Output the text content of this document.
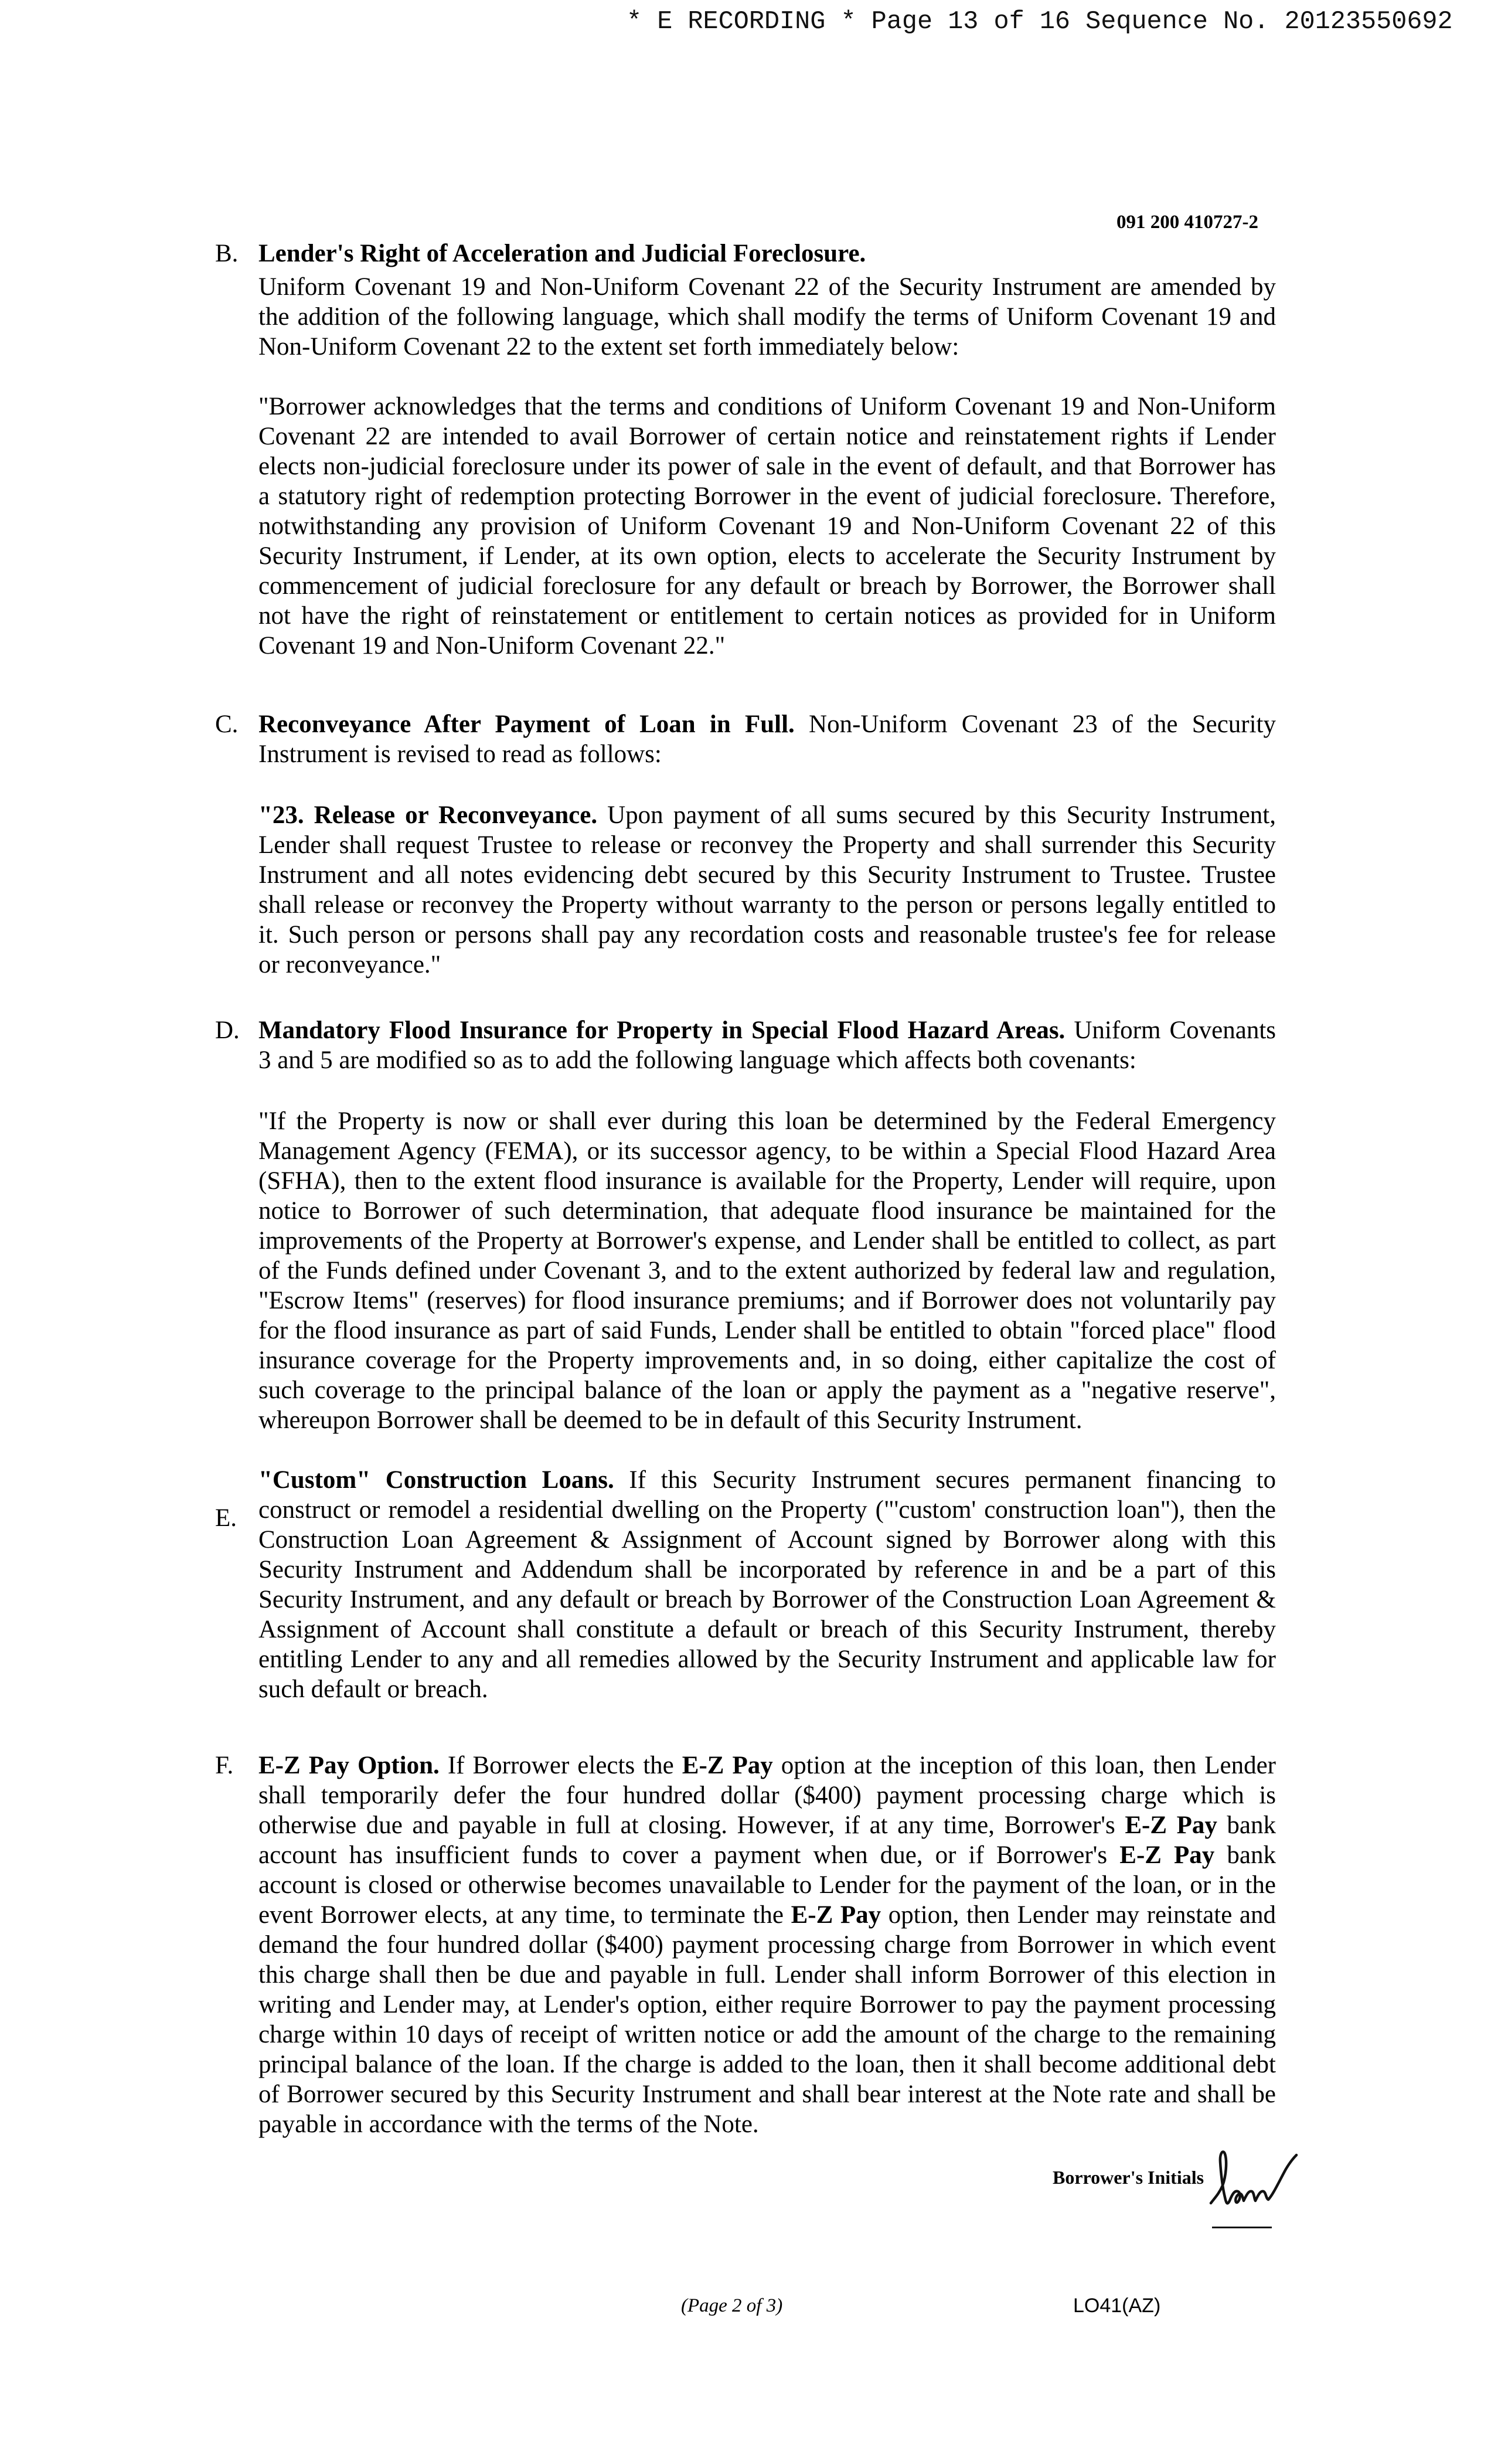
* E RECORDING * Page 13 of 16 Sequence No. 20123550692
091 200 410727-2
B. Lender's Right of Acceleration and Judicial Foreclosure.
Uniform Covenant 19 and Non-Uniform Covenant 22 of the Security Instrument are amended by
the addition of the following language, which shall modify the terms of Uniform Covenant 19 and
Non-Uniform Covenant 22 to the extent set forth immediately below:
"Borrower acknowledges that the terms and conditions of Uniform Covenant 19 and Non-Uniform
Covenant 22 are intended to avail Borrower of certain notice and reinstatement rights if Lender
elects non-judicial foreclosure under its power of sale in the event of default, and that Borrower has
a statutory right of redemption protecting Borrower in the event of judicial foreclosure. Therefore,
notwithstanding any provision of Uniform Covenant 19 and Non-Uniform Covenant 22 of this
Security Instrument, if Lender, at its own option, elects to accelerate the Security Instrument by
commencement of judicial foreclosure for any default or breach by Borrower, the Borrower shall
not have the right of reinstatement or entitlement to certain notices as provided for in Uniform
Covenant 19 and Non-Uniform Covenant 22."
C. Reconveyance After Payment of Loan in Full. Non-Uniform Covenant 23 of the Security
Instrument is revised to read as follows:
"23. Release or Reconveyance. Upon payment of all sums secured by this Security Instrument,
Lender shall request Trustee to release or reconvey the Property and shall surrender this Security
Instrument and all notes evidencing debt secured by this Security Instrument to Trustee. Trustee
shall release or reconvey the Property without warranty to the person or persons legally entitled to
it. Such person or persons shall pay any recordation costs and reasonable trustee's fee for release
or reconveyance."
D. Mandatory Flood Insurance for Property in Special Flood Hazard Areas. Uniform Covenants
3 and 5 are modified so as to add the following language which affects both covenants:
"If the Property is now or shall ever during this loan be determined by the Federal Emergency
Management Agency (FEMA), or its successor agency, to be within a Special Flood Hazard Area
(SFHA), then to the extent flood insurance is available for the Property, Lender will require, upon
notice to Borrower of such determination, that adequate flood insurance be maintained for the
improvements of the Property at Borrower's expense, and Lender shall be entitled to collect, as part
of the Funds defined under Covenant 3, and to the extent authorized by federal law and regulation,
"Escrow Items" (reserves) for flood insurance premiums; and if Borrower does not voluntarily pay
for the flood insurance as part of said Funds, Lender shall be entitled to obtain "forced place" flood
insurance coverage for the Property improvements and, in so doing, either capitalize the cost of
such coverage to the principal balance of the loan or apply the payment as a "negative reserve",
whereupon Borrower shall be deemed to be in default of this Security Instrument.
E.
"Custom" Construction Loans. If this Security Instrument secures permanent financing to
construct or remodel a residential dwelling on the Property ("'custom' construction loan"), then the
Construction Loan Agreement & Assignment of Account signed by Borrower along with this
Security Instrument and Addendum shall be incorporated by reference in and be a part of this
Security Instrument, and any default or breach by Borrower of the Construction Loan Agreement &
Assignment of Account shall constitute a default or breach of this Security Instrument, thereby
entitling Lender to any and all remedies allowed by the Security Instrument and applicable law for
such default or breach.
F. E-Z Pay Option. If Borrower elects the E-Z Pay option at the inception of this loan, then Lender
shall temporarily defer the four hundred dollar ($400) payment processing charge which is
otherwise due and payable in full at closing. However, if at any time, Borrower's E-Z Pay bank
account has insufficient funds to cover a payment when due, or if Borrower's E-Z Pay bank
account is closed or otherwise becomes unavailable to Lender for the payment of the loan, or in the
event Borrower elects, at any time, to terminate the E-Z Pay option, then Lender may reinstate and
demand the four hundred dollar ($400) payment processing charge from Borrower in which event
this charge shall then be due and payable in full. Lender shall inform Borrower of this election in
writing and Lender may, at Lender's option, either require Borrower to pay the payment processing
charge within 10 days of receipt of written notice or add the amount of the charge to the remaining
principal balance of the loan. If the charge is added to the loan, then it shall become additional debt
of Borrower secured by this Security Instrument and shall bear interest at the Note rate and shall be
payable in accordance with the terms of the Note.
Borrower's Initials
(Page 2 of 3)	LO41(AZ)
